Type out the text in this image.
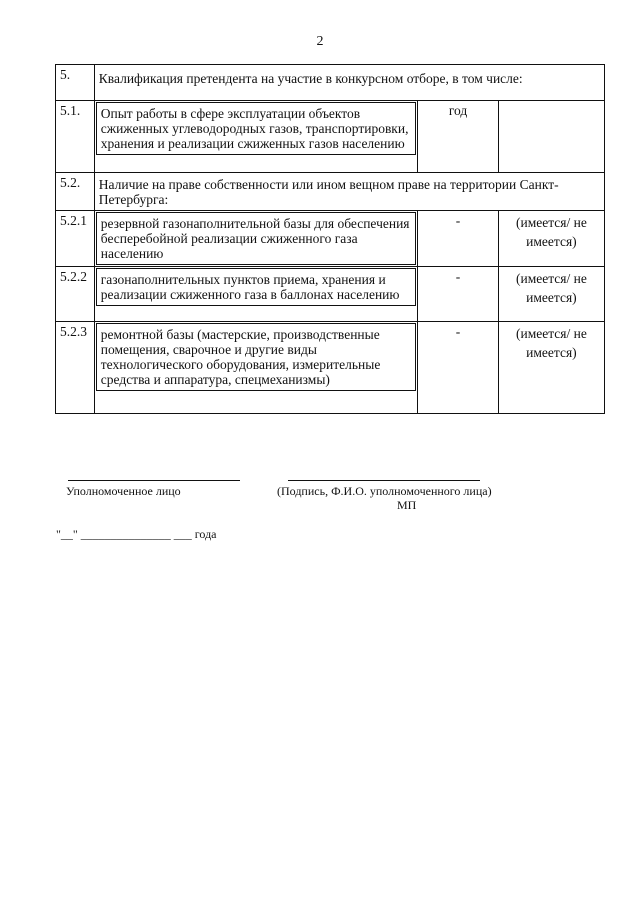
2
5.	Квалификация претендента на участие в конкурсном отборе, в том числе:		
5.1.	Опыт работы в сфере эксплуатации объектов сжиженных углеводородных газов, транспортировки, хранения и реализации сжиженных газов населению	год	
5.2.	Наличие на праве собственности или ином вещном праве на территории Санкт-Петербурга:		
5.2.1	резервной газонаполнительной базы для обеспечения бесперебойной реализации сжиженного газа населению	-	(имеется/ не имеется)
5.2.2	газонаполнительных пунктов приема, хранения и реализации сжиженного газа в баллонах населению	-	(имеется/ не имеется)
5.2.3	ремонтной базы (мастерские, производственные помещения, сварочное и другие виды технологического оборудования, измерительные средства и аппаратура, спецмеханизмы)	-	(имеется/ не имеется)
Уполномоченное лицо	(Подпись, Ф.И.О. уполномоченного лица)
МП
"__" _______________ ___ года
